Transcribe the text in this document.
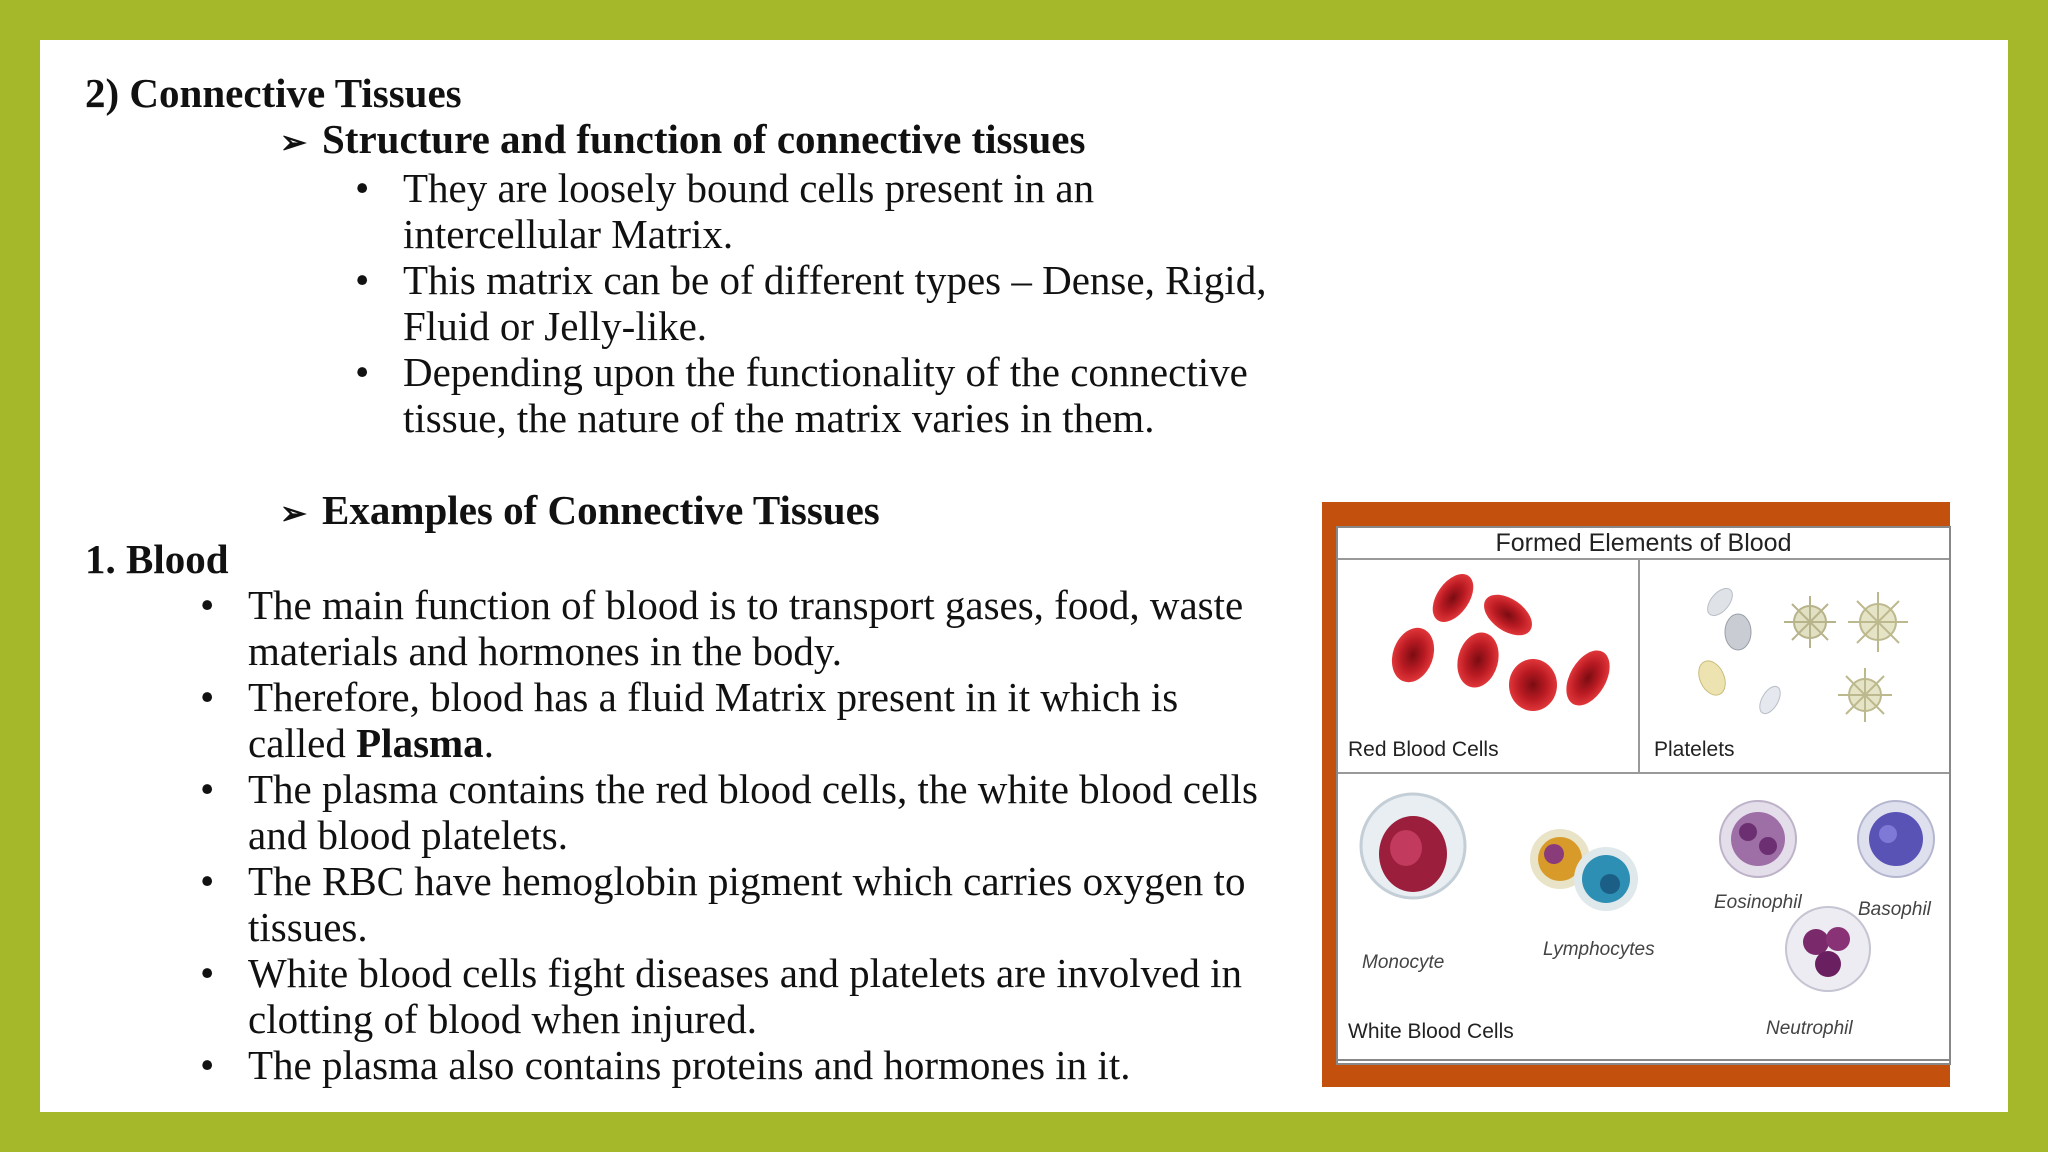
2) Connective Tissues
➢ Structure and function of connective tissues
• They are loosely bound cells present in an
intercellular Matrix.
• This matrix can be of different types – Dense, Rigid,
Fluid or Jelly-like.
• Depending upon the functionality of the connective
tissue, the nature of the matrix varies in them.
➢ Examples of Connective Tissues
1. Blood
• The main function of blood is to transport gases, food, waste
materials and hormones in the body.
• Therefore, blood has a fluid Matrix present in it which is
called Plasma.
• The plasma contains the red blood cells, the white blood cells
and blood platelets.
• The RBC have hemoglobin pigment which carries oxygen to
tissues.
• White blood cells fight diseases and platelets are involved in
clotting of blood when injured.
• The plasma also contains proteins and hormones in it.
Formed Elements of Blood
Red Blood Cells	Platelets
Monocyte
Lymphocytes
Eosinophil	Basophil
Neutrophil
White Blood Cells
